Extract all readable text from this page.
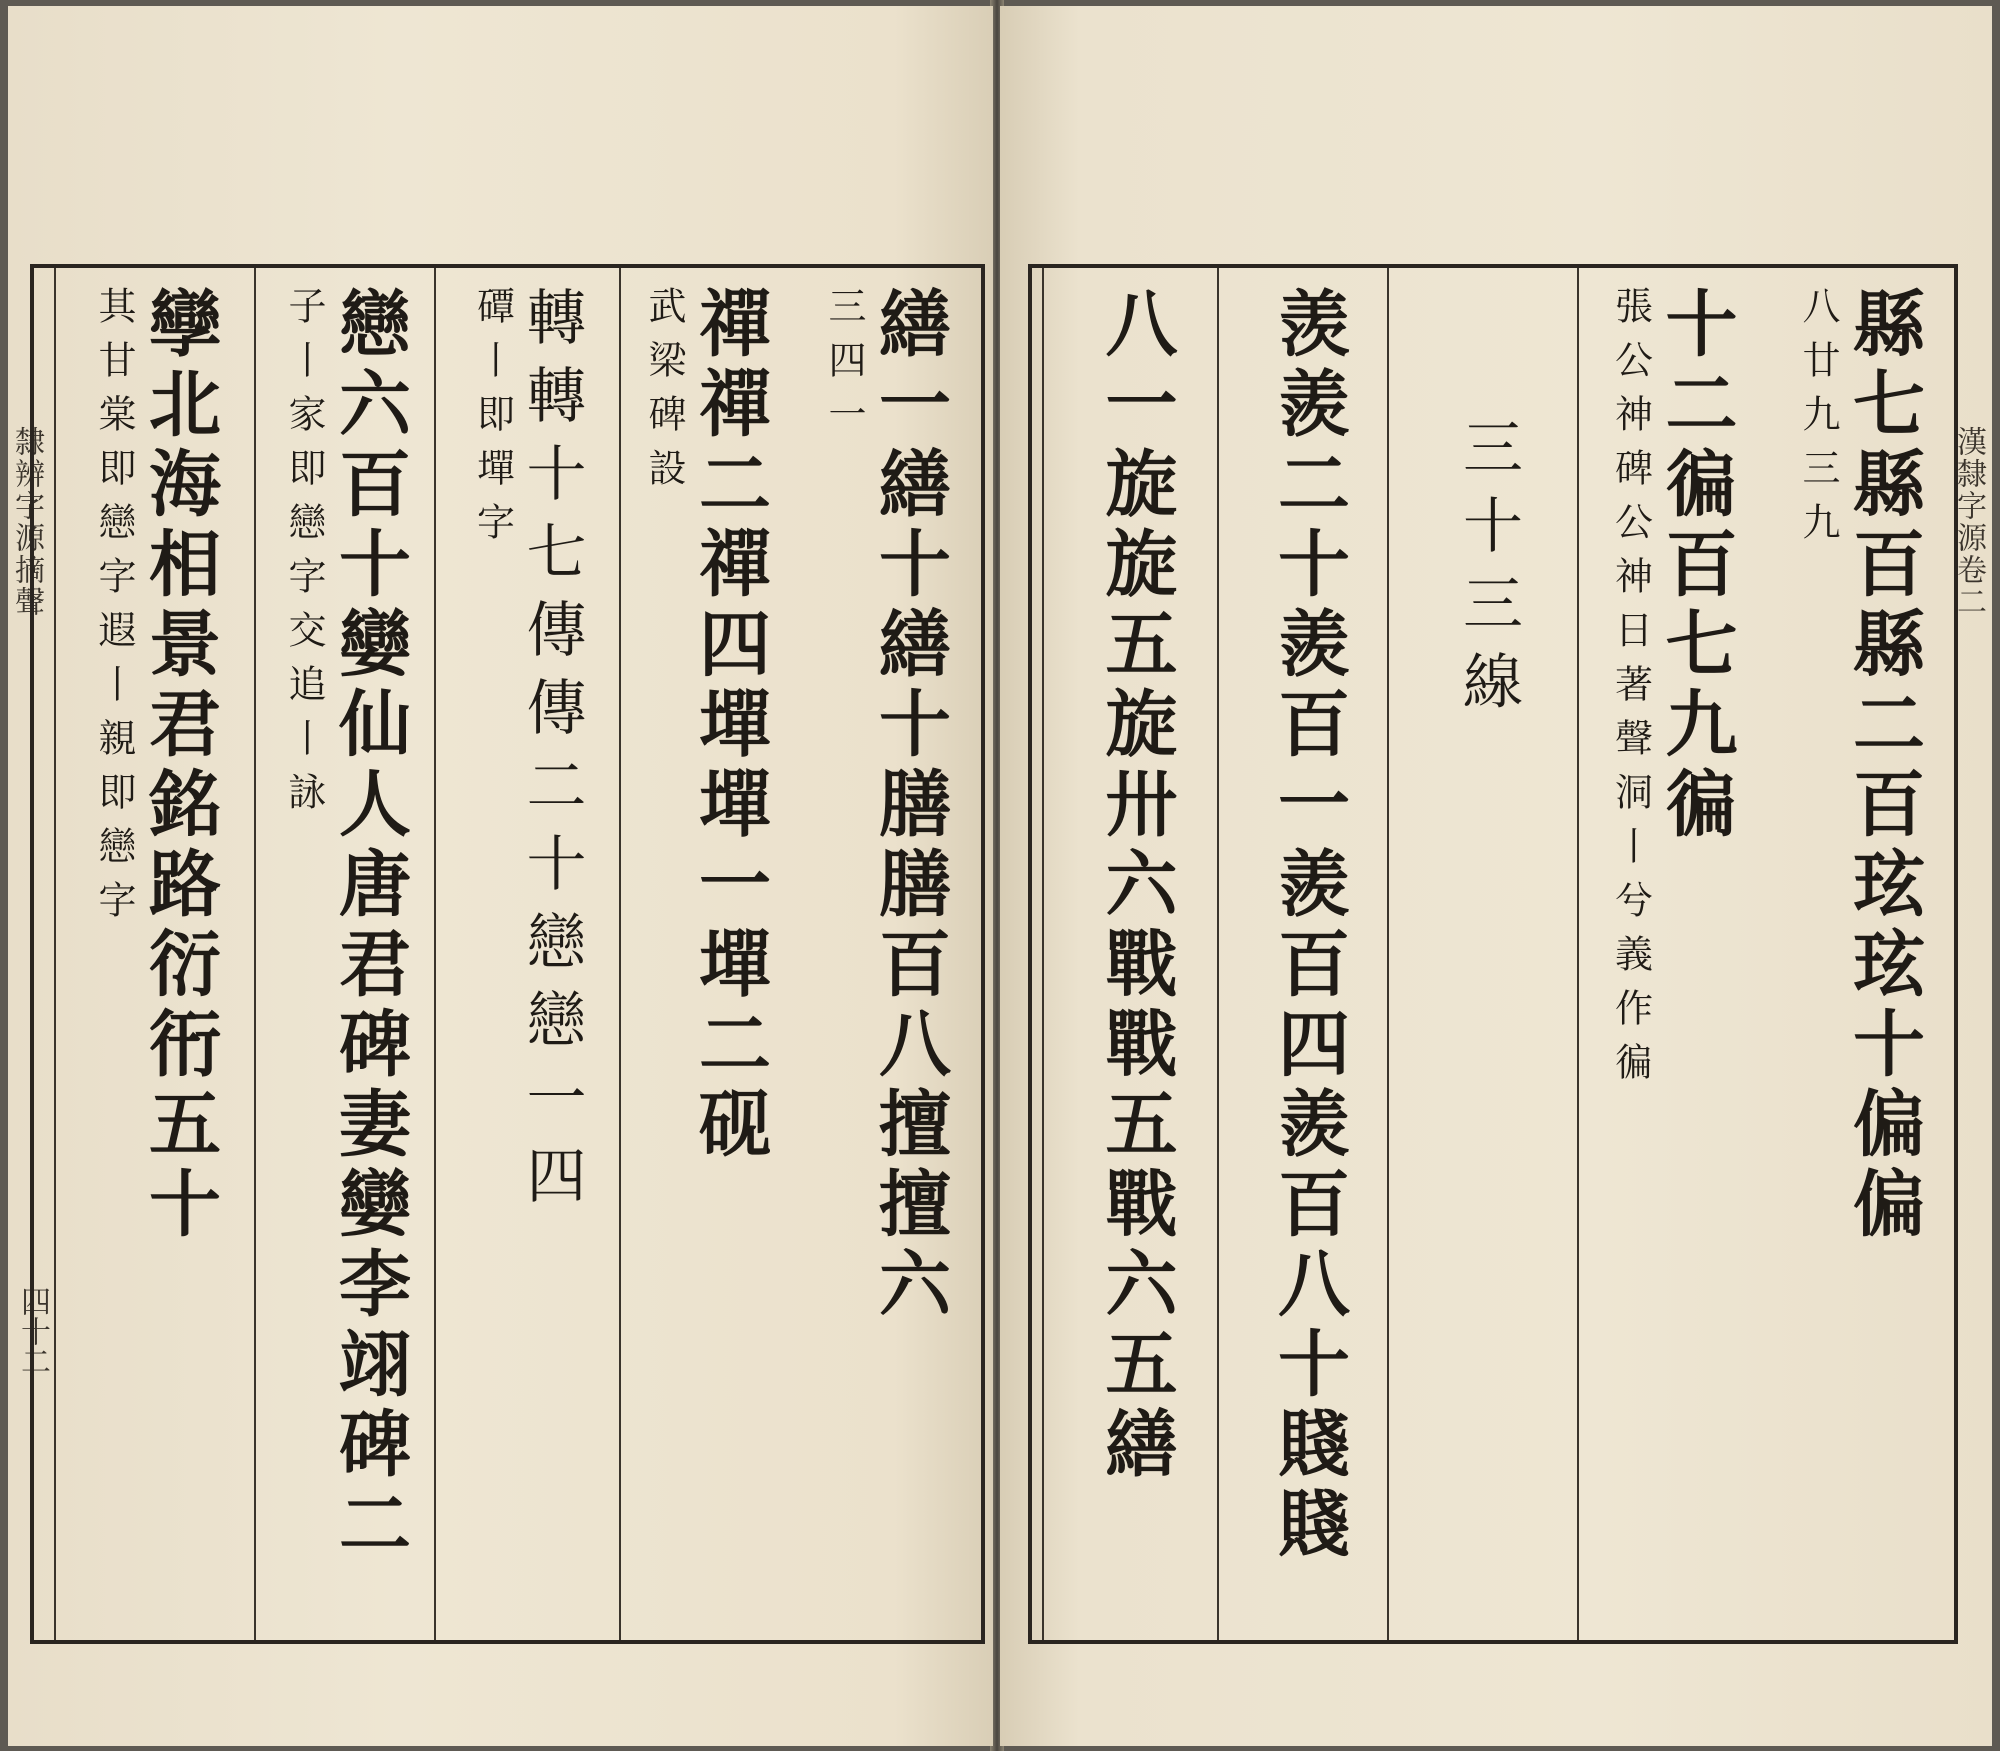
隸辨字源摘聲
四十二
三四一 繕一繕十繕十膳膳百八擅擅六
武梁碑設 禪禪二禪四墠墠一墠二砚
磹丨即墠字 轉轉十七傳傳二十戀戀一四
子丨家即戀字交追丨詠 戀六百十孌仙人唐君碑妻孌李翊碑二
其甘棠即戀字遐丨親即戀字 孿北海相景君銘路衍衎五十	漢隸字源卷二
八廿九三九 縣七縣百縣二百玹玹十偏偏
張公神碑公神日著聲洞丨兮義作徧 十二徧百七九徧
三十三線
羡羨二十羨百一羨百四羨百八十賤賤
八一旋旋五旋卅六戰戰五戰六五繕
